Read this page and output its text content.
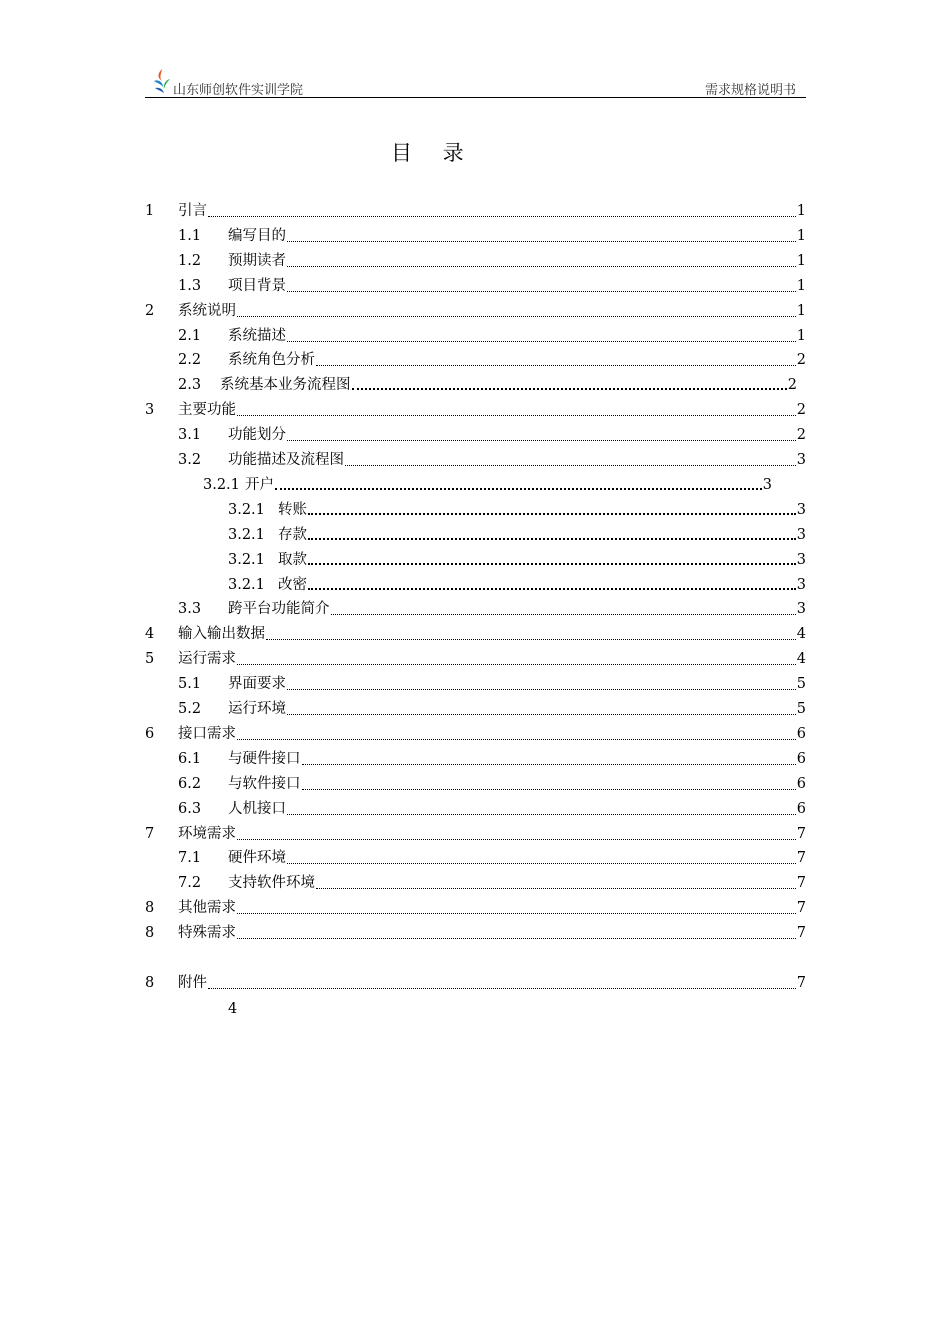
山东师创软件实训学院	需求规格说明书
目 录
1	引言	1
1.1	编写目的	1
1.2	预期读者	1
1.3	项目背景	1
2	系统说明	1
2.1	系统描述	1
2.2	系统角色分析	2
2.3	系统基本业务流程图	2
3	主要功能	2
3.1	功能划分	2
3.2	功能描述及流程图	3
3.2.1 开户	3
3.2.1 转账	3
3.2.1 存款	3
3.2.1 取款	3
3.2.1 改密	3
3.3	跨平台功能简介	3
4	输入输出数据	4
5	运行需求	4
5.1	界面要求	5
5.2	运行环境	5
6	接口需求	6
6.1	与硬件接口	6
6.2	与软件接口	6
6.3	人机接口	6
7	环境需求	7
7.1	硬件环境	7
7.2	支持软件环境	7
8	其他需求	7
8	特殊需求	7
8	附件	7
4
